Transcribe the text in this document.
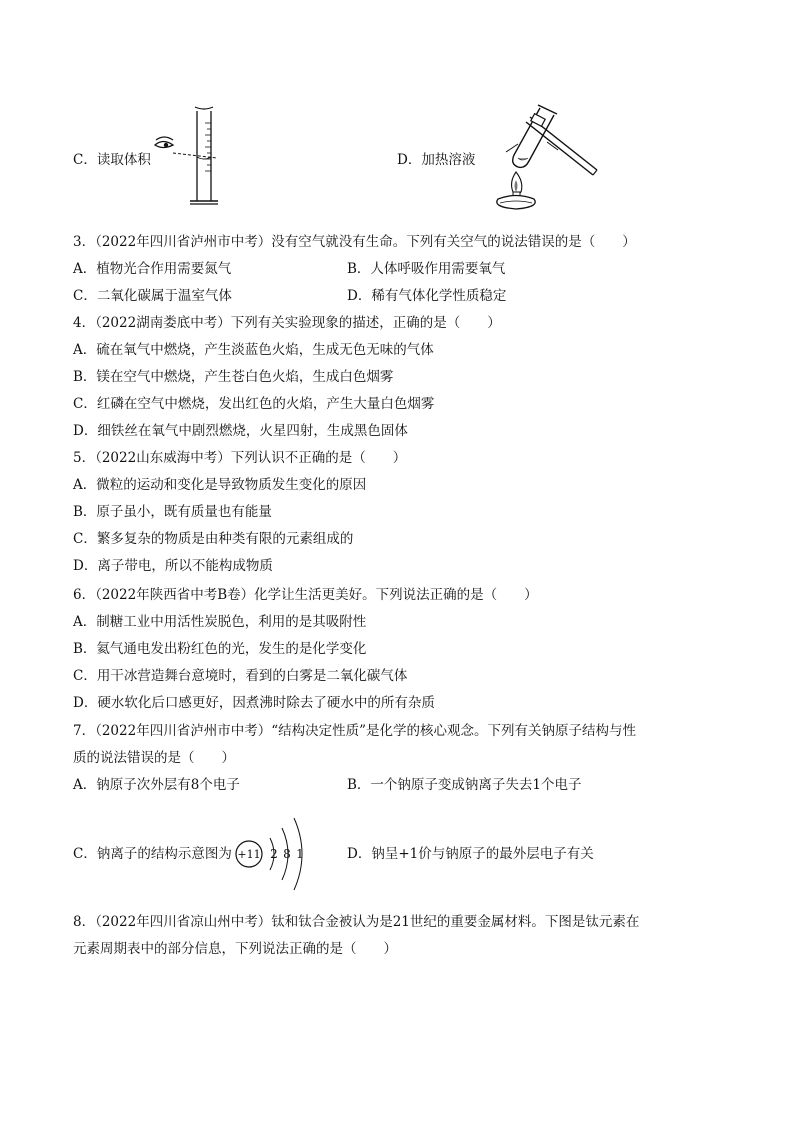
C．读取体积	D．加热溶液
3．（2022年四川省泸州市中考）没有空气就没有生命。下列有关空气的说法错误的是（　　）
A．植物光合作用需要氮气	B．人体呼吸作用需要氧气
C．二氧化碳属于温室气体	D．稀有气体化学性质稳定
4．（2022湖南娄底中考）下列有关实验现象的描述，正确的是（　　）
A．硫在氧气中燃烧，产生淡蓝色火焰，生成无色无味的气体
B．镁在空气中燃烧，产生苍白色火焰，生成白色烟雾
C．红磷在空气中燃烧，发出红色的火焰，产生大量白色烟雾
D．细铁丝在氧气中剧烈燃烧，火星四射，生成黑色固体
5．（2022山东威海中考）下列认识不正确的是（　　）
A．微粒的运动和变化是导致物质发生变化的原因
B．原子虽小，既有质量也有能量
C．繁多复杂的物质是由种类有限的元素组成的
D．离子带电，所以不能构成物质
6．（2022年陕西省中考B卷）化学让生活更美好。下列说法正确的是（　　）
A．制糖工业中用活性炭脱色，利用的是其吸附性
B．氦气通电发出粉红色的光，发生的是化学变化
C．用干冰营造舞台意境时，看到的白雾是二氧化碳气体
D．硬水软化后口感更好，因煮沸时除去了硬水中的所有杂质
7．（2022年四川省泸州市中考）“结构决定性质”是化学的核心观念。下列有关钠原子结构与性
质的说法错误的是（　　）
A．钠原子次外层有8个电子	B．一个钠原子变成钠离子失去1个电子
C．钠离子的结构示意图为 +11 2 8 1	D．钠呈+1价与钠原子的最外层电子有关
8．（2022年四川省凉山州中考）钛和钛合金被认为是21世纪的重要金属材料。下图是钛元素在
元素周期表中的部分信息，下列说法正确的是（　　）
